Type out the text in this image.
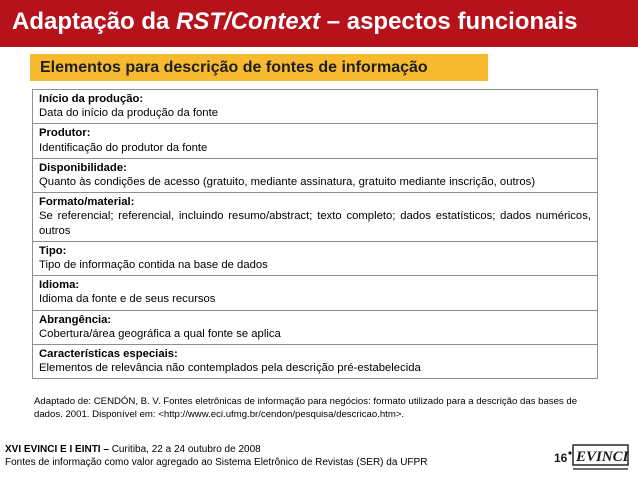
Adaptação da RST/Context – aspectos funcionais
Elementos para descrição de fontes de informação
Início da produção:
Data do início da produção da fonte
Produtor:
Identificação do produtor da fonte
Disponibilidade:
Quanto às condições de acesso (gratuito, mediante assinatura, gratuito mediante inscrição, outros)
Formato/material:
Se referencial; referencial, incluindo resumo/abstract; texto completo; dados estatísticos; dados numéricos, outros
Tipo:
Tipo de informação contida na base de dados
Idioma:
Idioma da fonte e de seus recursos
Abrangência:
Cobertura/área geográfica a qual fonte se aplica
Características especiais:
Elementos de relevância não contemplados pela descrição pré-estabelecida
Adaptado de: CENDÓN, B. V. Fontes eletrônicas de informação para negócios: formato utilizado para a descrição das bases de dados. 2001. Disponível em: <http://www.eci.ufmg.br/cendon/pesquisa/descricao.htm>.
XVI EVINCI E I EINTI – Curitiba, 22 a 24 outubro de 2008
Fontes de informação como valor agregado ao Sistema Eletrônico de Revistas (SER) da UFPR	16 EVINCI
